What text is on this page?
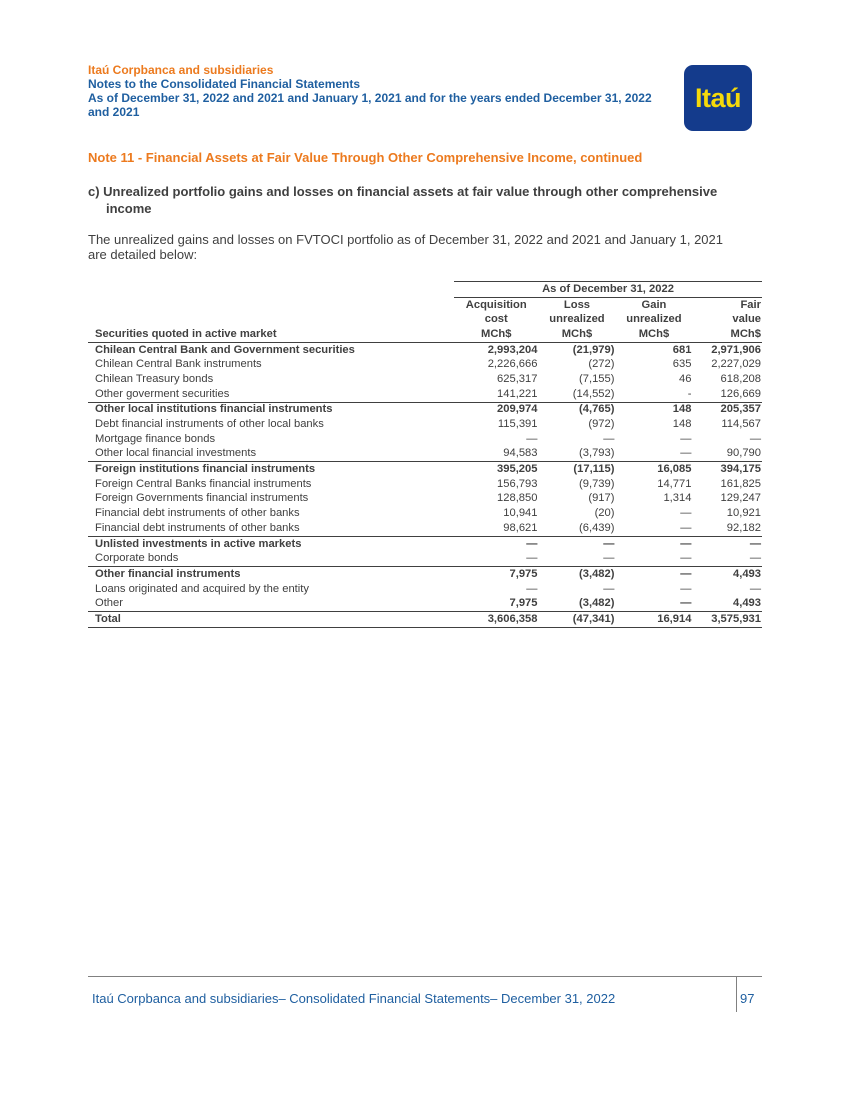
Itaú Corpbanca and subsidiaries
Notes to the Consolidated Financial Statements
As of December 31, 2022 and 2021 and January 1, 2021 and for the years ended December 31, 2022
and 2021	Itaú
Note 11 - Financial Assets at Fair Value Through Other Comprehensive Income, continued
c) Unrealized portfolio gains and losses on financial assets at fair value through other comprehensive
income
The unrealized gains and losses on FVTOCI portfolio as of December 31, 2022 and 2021 and January 1, 2021
are detailed below:
	As of December 31, 2022			
	Acquisition	Loss	Gain	Fair
	cost	unrealized	unrealized	value
Securities quoted in active market	MCh$	MCh$	MCh$	MCh$
Chilean Central Bank and Government securities	2,993,204	(21,979)	681	2,971,906
Chilean Central Bank instruments	2,226,666	(272)	635	2,227,029
Chilean Treasury bonds	625,317	(7,155)	46	618,208
Other goverment securities	141,221	(14,552)	-	126,669
Other local institutions financial instruments	209,974	(4,765)	148	205,357
Debt financial instruments of other local banks	115,391	(972)	148	114,567
Mortgage finance bonds	—	—	—	—
Other local financial investments	94,583	(3,793)	—	90,790
Foreign institutions financial instruments	395,205	(17,115)	16,085	394,175
Foreign Central Banks financial instruments	156,793	(9,739)	14,771	161,825
Foreign Governments financial instruments	128,850	(917)	1,314	129,247
Financial debt instruments of other banks	10,941	(20)	—	10,921
Financial debt instruments of other banks	98,621	(6,439)	—	92,182
Unlisted investments in active markets	—	—	—	—
Corporate bonds	—	—	—	—
Other financial instruments	7,975	(3,482)	—	4,493
Loans originated and acquired by the entity	—	—	—	—
Other	7,975	(3,482)	—	4,493
Total	3,606,358	(47,341)	16,914	3,575,931
Itaú Corpbanca and subsidiaries– Consolidated Financial Statements– December 31, 2022	97
